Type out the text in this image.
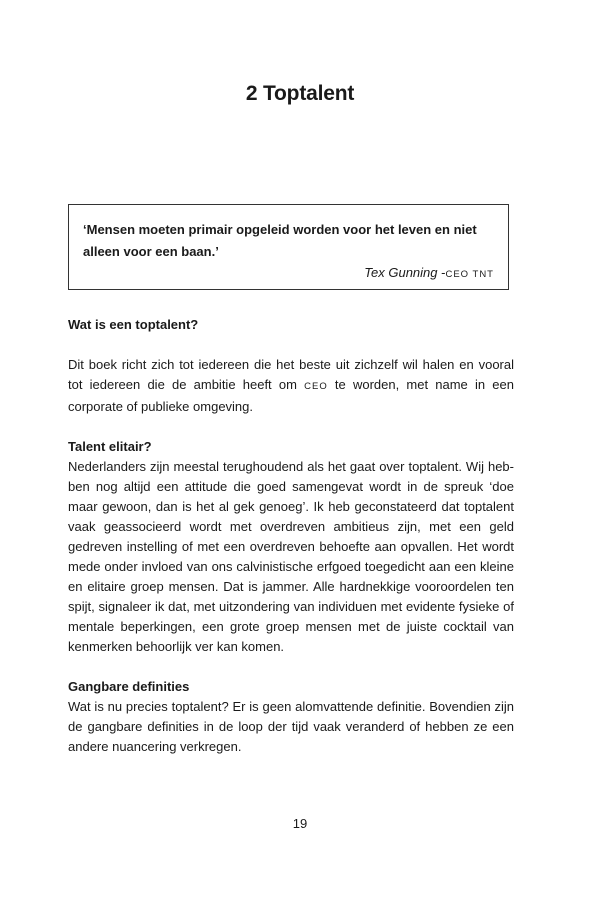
2 Toptalent

‘Mensen moeten primair opgeleid worden voor het leven en niet alleen voor een baan.’

Tex Gunning -CEO TNT

Wat is een toptalent?

Dit boek richt zich tot iedereen die het beste uit zichzelf wil halen en vooral tot iedereen die de ambitie heeft om CEO te worden, met name in een corporate of publieke omgeving.

Talent elitair?

Nederlanders zijn meestal terughoudend als het gaat over toptalent. Wij hebben nog altijd een attitude die goed samengevat wordt in de spreuk ‘doe maar gewoon, dan is het al gek genoeg’. Ik heb geconstateerd dat toptalent vaak geassocieerd wordt met overdreven ambitieus zijn, met een geld gedreven instelling of met een overdreven behoefte aan opvallen. Het wordt mede onder invloed van ons calvinistische erfgoed toegedicht aan een kleine en elitaire groep mensen. Dat is jammer. Alle hardnekkige vooroordelen ten spijt, signaleer ik dat, met uitzondering van individuen met evidente fysieke of mentale beperkingen, een grote groep mensen met de juiste cocktail van kenmerken behoorlijk ver kan komen.

Gangbare definities

Wat is nu precies toptalent? Er is geen alomvattende definitie. Bovendien zijn de gangbare definities in de loop der tijd vaak veranderd of hebben ze een andere nuancering verkregen.

19
